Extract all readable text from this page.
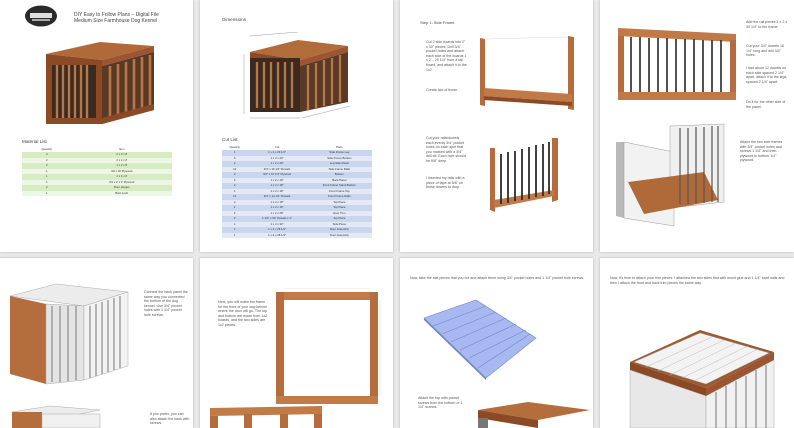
DIY Easy to Follow Plans – Digital File
Medium Size Farmhouse Dog Kennel
Material List
Quantity	Item
4	2 x 2 x 8
2	2 x 2 x 8
2	1 x 2 x 8
1	3/4 x 4ft Plywood
1	1 x 4 x 8
1	3/4 x 2' x 4' Plywood
2	Door Hinges
1	Barn Lock
Dimensions
Cut List
Quantity	Cut	Parts
4	1 x 2 x 29 1/4"	Side Frame Leg
4	1 x 2 x 20"	Side Frame Bottom
2	1 x 2 x 20"	Leg Side Panel
12	3/4" x 16 1/4" Dowels	Side Frame Rails
2	3/4" x 16 1/4" Plywood	Bottom
4	1 x 2 x 16"	Back Panel
2	1 x 2 x 18"	Front Frame Stand Bottom
1	1 x 2 x 18"	Front Frame Top
12	3/4" x 14 1/4" Dowels	Front Frame Rails
2	1 x 2 x 18"	Top Piece
1	1 x 2 x 16"	Top Piece
2	1 x 2 x 28"	Door Trim
2	1 1/4" x 90" Dowels x 1"	Top Piece
1	1 x 2 x 30"	Side Piece
1	1 x 4 x 28 1/4"	Door Assembly
1	1 x 4 x 28 1/4"	Door Assembly
Step 1: Side Frame
Cut 2 side boards into 2" x 30" pieces. Drill 3/4" pocket holes and attach each side of the boards 1 x 2 – 29 1/4" from a rail board, and attach it to the 1x2.
Create two of these.
Cut your rails/dowels each evenly 3/4" pocket holes on each spot that you marked with a 3/4" drill bit. Each hole should be 5/8" deep.
I inserted my rails with a piece of tape at 5/8" on those dowels to drop.
Add the rail pieces 1 x 2 x 30 1/4" to the frame.
Cut your 3/4" dowels 16 1/4" long and drill 3/4" holes.
I had about 12 dowels on each side spaced 2 1/4" apart, attach it to the legs, spaced 2 1/4" apart.
Do it for the other side of the panel.
Attach the two side frames with 3/4" pocket holes and screws 1 1/4" and then plywood to bottom 1/4" plywood.
Connect the back panel the same way you connected the bottom of the dog kennel. Use 3/4" pocket holes with 1 1/4" pocket hole screws.
If you prefer, you can also attach the back with screws.
Next, you will make the frame for the front of your dog kennel where the door will go. The top and bottom are made from 1x2 boards, and the two sides are 1x2 pieces.
Now, take the slat pieces that you cut and attach them using 3/4" pocket holes and 1 1/4" pocket hole screws.
Attach the top with pocket screws from the bottom or 1 1/4" screws.
Now, it's time to attach your trim pieces. I attached the two sides first with wood glue and 1 1/4" brad nails and then I attach the front and back trim pieces the same way.
